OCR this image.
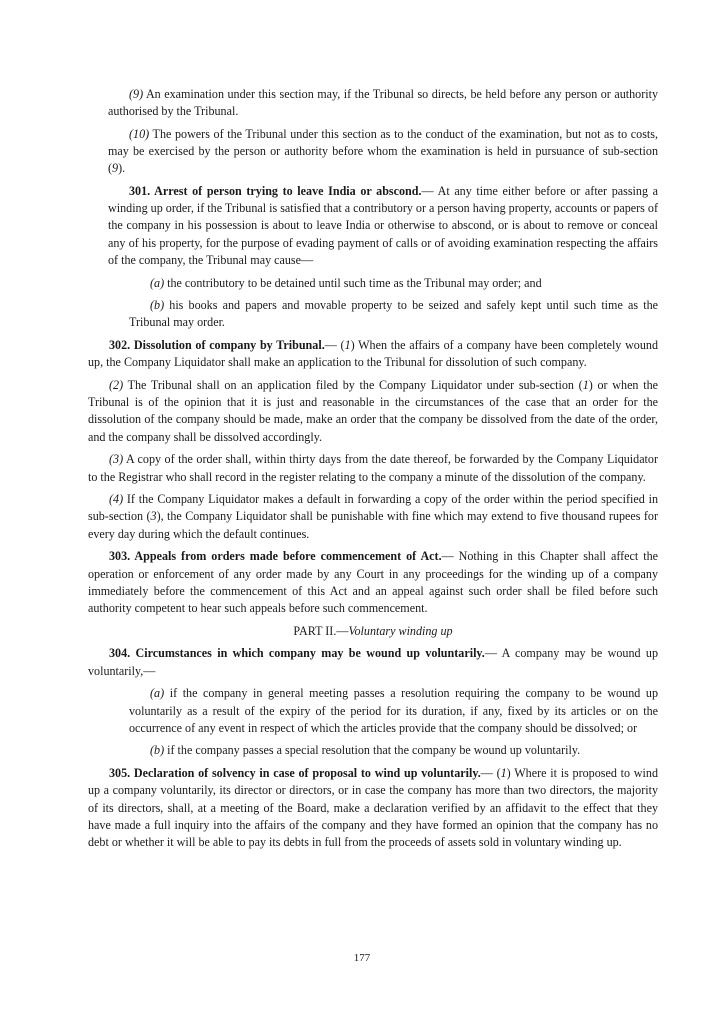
(9) An examination under this section may, if the Tribunal so directs, be held before any person or authority authorised by the Tribunal.

(10) The powers of the Tribunal under this section as to the conduct of the examination, but not as to costs, may be exercised by the person or authority before whom the examination is held in pursuance of sub-section (9).

301. Arrest of person trying to leave India or abscond.— At any time either before or after passing a winding up order, if the Tribunal is satisfied that a contributory or a person having property, accounts or papers of the company in his possession is about to leave India or otherwise to abscond, or is about to remove or conceal any of his property, for the purpose of evading payment of calls or of avoiding examination respecting the affairs of the company, the Tribunal may cause—

(a) the contributory to be detained until such time as the Tribunal may order; and

(b) his books and papers and movable property to be seized and safely kept until such time as the Tribunal may order.

302. Dissolution of company by Tribunal.— (1) When the affairs of a company have been completely wound up, the Company Liquidator shall make an application to the Tribunal for dissolution of such company.

(2) The Tribunal shall on an application filed by the Company Liquidator under sub-section (1) or when the Tribunal is of the opinion that it is just and reasonable in the circumstances of the case that an order for the dissolution of the company should be made, make an order that the company be dissolved from the date of the order, and the company shall be dissolved accordingly.

(3) A copy of the order shall, within thirty days from the date thereof, be forwarded by the Company Liquidator to the Registrar who shall record in the register relating to the company a minute of the dissolution of the company.

(4) If the Company Liquidator makes a default in forwarding a copy of the order within the period specified in sub-section (3), the Company Liquidator shall be punishable with fine which may extend to five thousand rupees for every day during which the default continues.

303. Appeals from orders made before commencement of Act.— Nothing in this Chapter shall affect the operation or enforcement of any order made by any Court in any proceedings for the winding up of a company immediately before the commencement of this Act and an appeal against such order shall be filed before such authority competent to hear such appeals before such commencement.

PART II.—Voluntary winding up

304. Circumstances in which company may be wound up voluntarily.— A company may be wound up voluntarily,—

(a) if the company in general meeting passes a resolution requiring the company to be wound up voluntarily as a result of the expiry of the period for its duration, if any, fixed by its articles or on the occurrence of any event in respect of which the articles provide that the company should be dissolved; or

(b) if the company passes a special resolution that the company be wound up voluntarily.

305. Declaration of solvency in case of proposal to wind up voluntarily.— (1) Where it is proposed to wind up a company voluntarily, its director or directors, or in case the company has more than two directors, the majority of its directors, shall, at a meeting of the Board, make a declaration verified by an affidavit to the effect that they have made a full inquiry into the affairs of the company and they have formed an opinion that the company has no debt or whether it will be able to pay its debts in full from the proceeds of assets sold in voluntary winding up.

177
